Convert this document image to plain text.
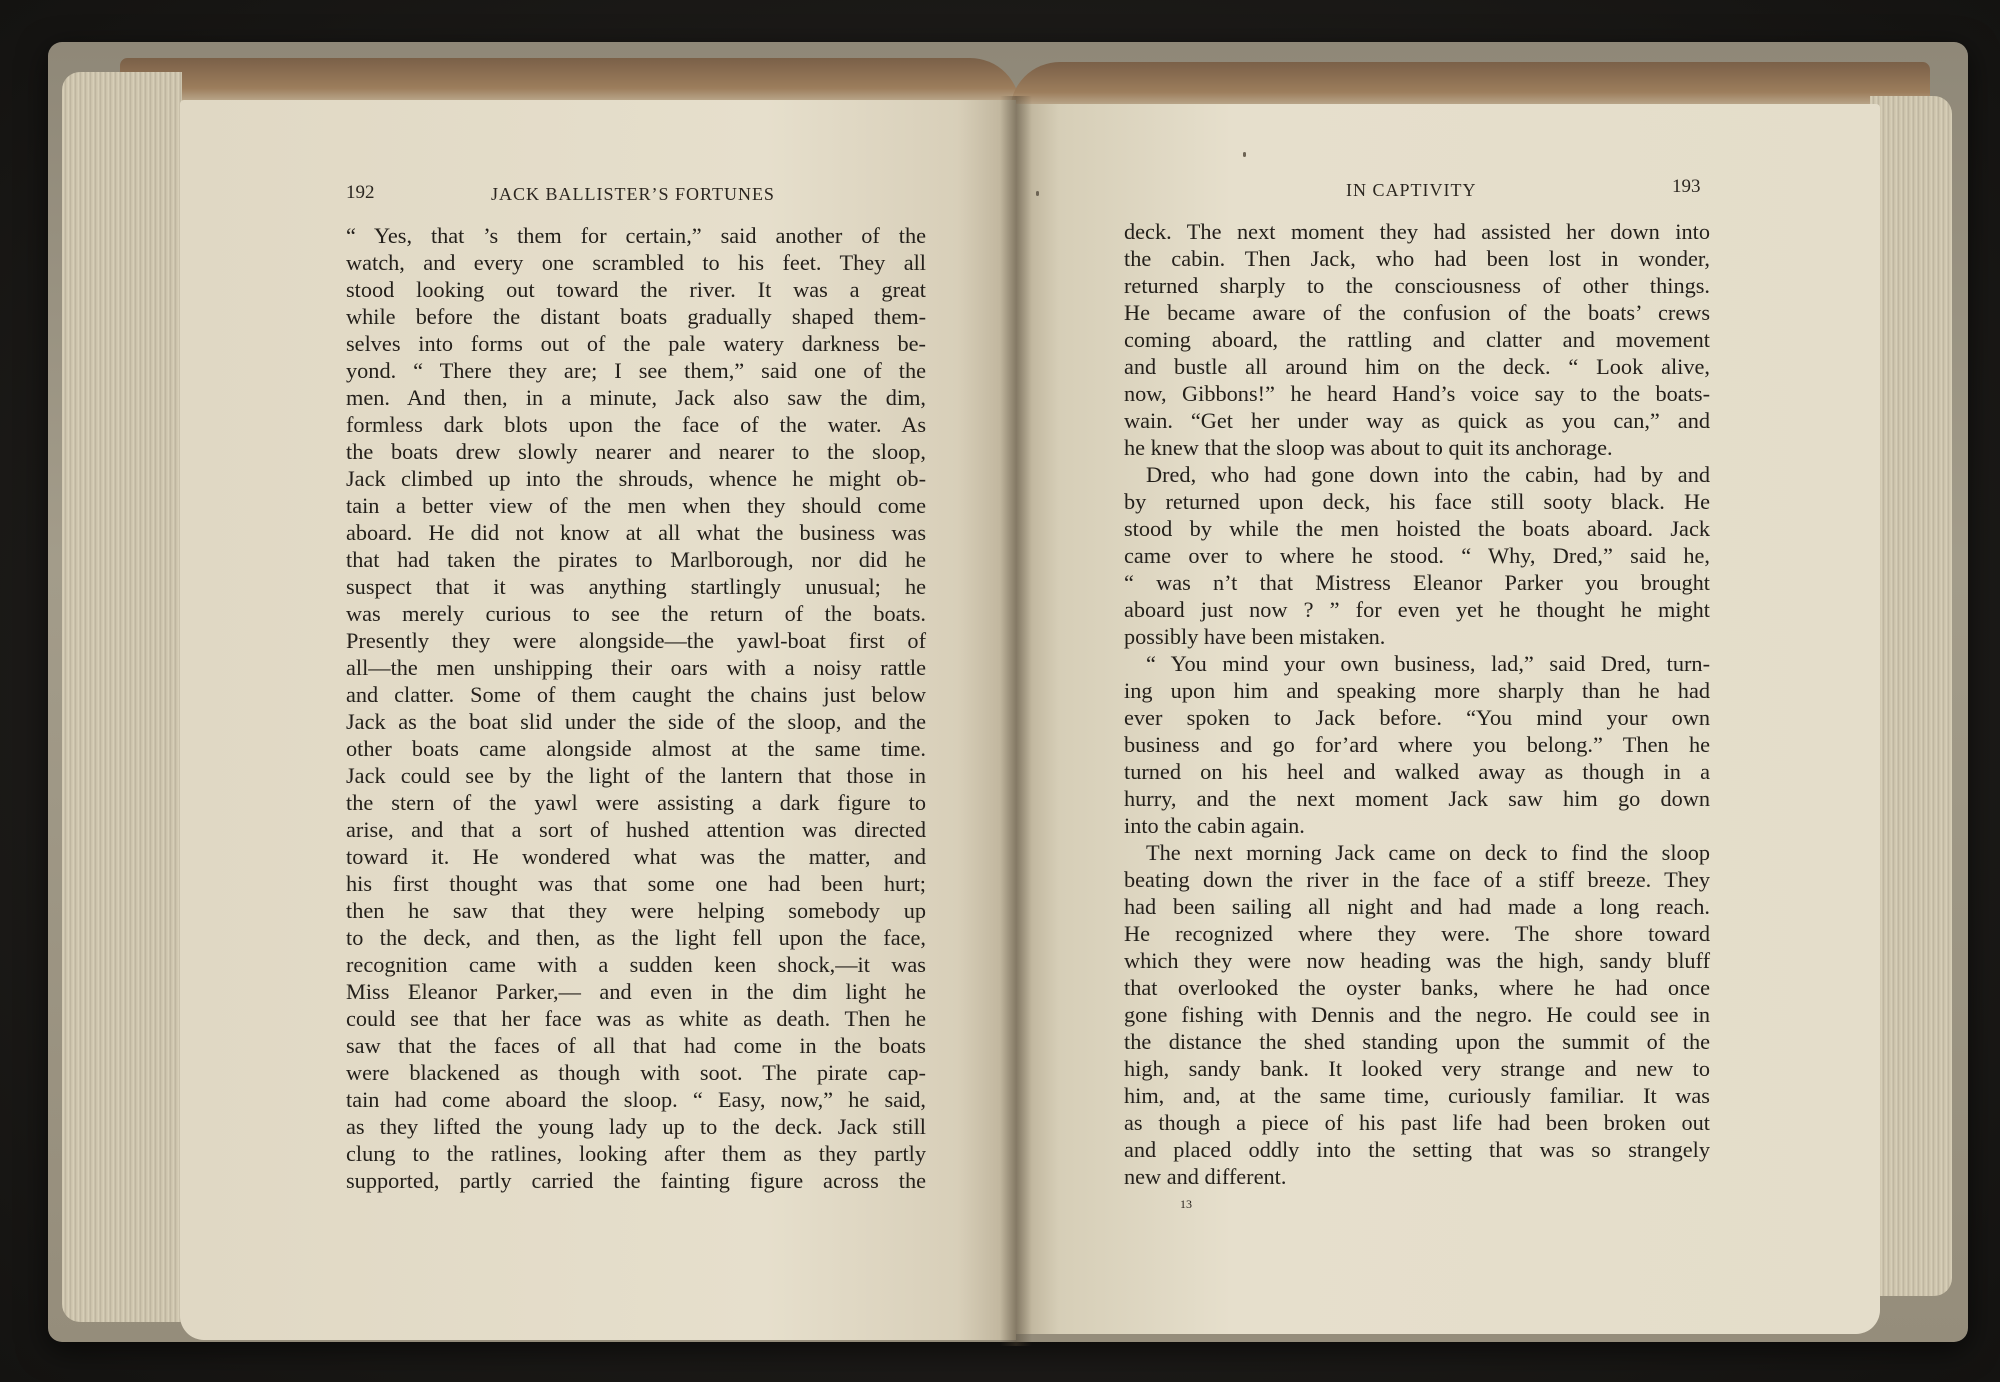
192	JACK BALLISTER’S FORTUNES
“ Yes, that ’s them for certain,” said another of the
watch, and every one scrambled to his feet. They all
stood looking out toward the river. It was a great
while before the distant boats gradually shaped them-
selves into forms out of the pale watery darkness be-
yond. “ There they are; I see them,” said one of the
men. And then, in a minute, Jack also saw the dim,
formless dark blots upon the face of the water. As
the boats drew slowly nearer and nearer to the sloop,
Jack climbed up into the shrouds, whence he might ob-
tain a better view of the men when they should come
aboard. He did not know at all what the business was
that had taken the pirates to Marlborough, nor did he
suspect that it was anything startlingly unusual; he
was merely curious to see the return of the boats.
Presently they were alongside—the yawl-boat first of
all—the men unshipping their oars with a noisy rattle
and clatter. Some of them caught the chains just below
Jack as the boat slid under the side of the sloop, and the
other boats came alongside almost at the same time.
Jack could see by the light of the lantern that those in
the stern of the yawl were assisting a dark figure to
arise, and that a sort of hushed attention was directed
toward it. He wondered what was the matter, and
his first thought was that some one had been hurt;
then he saw that they were helping somebody up
to the deck, and then, as the light fell upon the face,
recognition came with a sudden keen shock,—it was
Miss Eleanor Parker,— and even in the dim light he
could see that her face was as white as death. Then he
saw that the faces of all that had come in the boats
were blackened as though with soot. The pirate cap-
tain had come aboard the sloop. “ Easy, now,” he said,
as they lifted the young lady up to the deck. Jack still
clung to the ratlines, looking after them as they partly
supported, partly carried the fainting figure across the
193
IN CAPTIVITY
deck. The next moment they had assisted her down into
the cabin. Then Jack, who had been lost in wonder,
returned sharply to the consciousness of other things.
He became aware of the confusion of the boats’ crews
coming aboard, the rattling and clatter and movement
and bustle all around him on the deck. “ Look alive,
now, Gibbons!” he heard Hand’s voice say to the boats-
wain. “Get her under way as quick as you can,” and
he knew that the sloop was about to quit its anchorage.
Dred, who had gone down into the cabin, had by and
by returned upon deck, his face still sooty black. He
stood by while the men hoisted the boats aboard. Jack
came over to where he stood. “ Why, Dred,” said he,
“ was n’t that Mistress Eleanor Parker you brought
aboard just now ? ” for even yet he thought he might
possibly have been mistaken.
“ You mind your own business, lad,” said Dred, turn-
ing upon him and speaking more sharply than he had
ever spoken to Jack before. “You mind your own
business and go for’ard where you belong.” Then he
turned on his heel and walked away as though in a
hurry, and the next moment Jack saw him go down
into the cabin again.
The next morning Jack came on deck to find the sloop
beating down the river in the face of a stiff breeze. They
had been sailing all night and had made a long reach.
He recognized where they were. The shore toward
which they were now heading was the high, sandy bluff
that overlooked the oyster banks, where he had once
gone fishing with Dennis and the negro. He could see in
the distance the shed standing upon the summit of the
high, sandy bank. It looked very strange and new to
him, and, at the same time, curiously familiar. It was
as though a piece of his past life had been broken out
and placed oddly into the setting that was so strangely
new and different.
13
